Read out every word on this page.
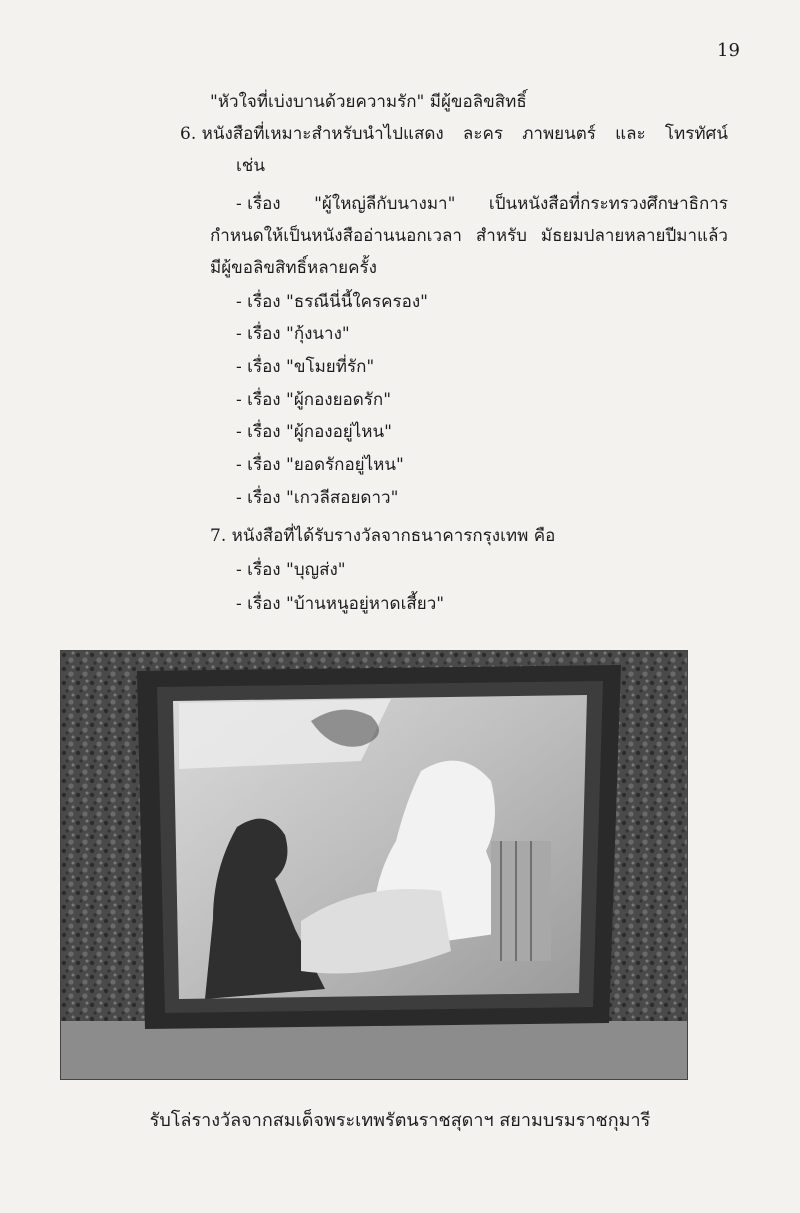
19
"หัวใจที่เบ่งบานด้วยความรัก" มีผู้ขอลิขสิทธิ์
6. หนังสือที่เหมาะสำหรับนำไปแสดง ละคร ภาพยนตร์ และ โทรทัศน์
เช่น
- เรื่อง "ผู้ใหญ่ลีกับนางมา" เป็นหนังสือที่กระทรวงศึกษาธิการ
กำหนดให้เป็นหนังสืออ่านนอกเวลา สำหรับ มัธยมปลายหลายปีมาแล้ว
มีผู้ขอลิขสิทธิ์หลายครั้ง
- เรื่อง "ธรณีนี่นี้ใครครอง"
- เรื่อง "กุ้งนาง"
- เรื่อง "ขโมยที่รัก"
- เรื่อง "ผู้กองยอดรัก"
- เรื่อง "ผู้กองอยู่ไหน"
- เรื่อง "ยอดรักอยู่ไหน"
- เรื่อง "เกวลีสอยดาว"
7. หนังสือที่ได้รับรางวัลจากธนาคารกรุงเทพ คือ
- เรื่อง "บุญส่ง"
- เรื่อง "บ้านหนูอยู่หาดเสี้ยว"
รับโล่รางวัลจากสมเด็จพระเทพรัตนราชสุดาฯ สยามบรมราชกุมารี
